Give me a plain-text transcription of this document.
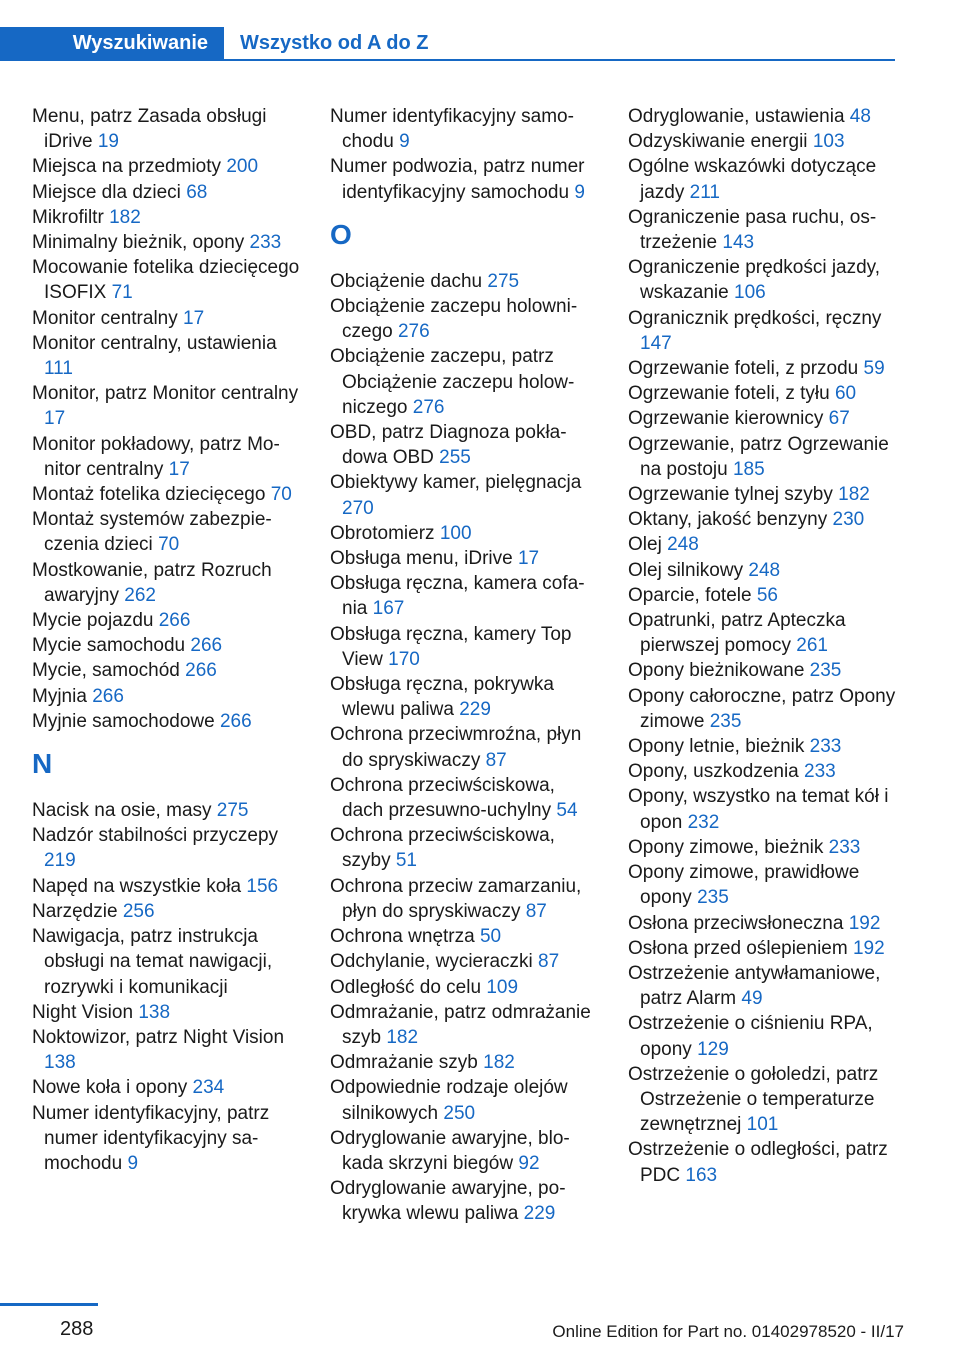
Wyszukiwanie	Wszystko od A do Z
Menu, patrz Zasada obsługi iDrive 19
Miejsca na przedmioty 200
Miejsce dla dzieci 68
Mikrofiltr 182
Minimalny bieżnik, opony 233
Mocowanie fotelika dziecięcego ISOFIX 71
Monitor centralny 17
Monitor centralny, ustawienia 111
Monitor, patrz Monitor centralny 17
Monitor pokładowy, patrz Monitor centralny 17
Montaż fotelika dziecięcego 70
Montaż systemów zabezpieczenia dzieci 70
Mostkowanie, patrz Rozruch awaryjny 262
Mycie pojazdu 266
Mycie samochodu 266
Mycie, samochód 266
Myjnia 266
Myjnie samochodowe 266
N
Nacisk na osie, masy 275
Nadzór stabilności przyczepy 219
Napęd na wszystkie koła 156
Narzędzie 256
Nawigacja, patrz instrukcja obsługi na temat nawigacji, rozrywki i komunikacji
Night Vision 138
Noktowizor, patrz Night Vision 138
Nowe koła i opony 234
Numer identyfikacyjny, patrz numer identyfikacyjny samochodu 9
Numer identyfikacyjny samochodu 9
Numer podwozia, patrz numer identyfikacyjny samochodu 9
O
Obciążenie dachu 275
Obciążenie zaczepu holowniczego 276
Obciążenie zaczepu, patrz Obciążenie zaczepu holowniczego 276
OBD, patrz Diagnoza pokładowa OBD 255
Obiektywy kamer, pielęgnacja 270
Obrotomierz 100
Obsługa menu, iDrive 17
Obsługa ręczna, kamera cofania 167
Obsługa ręczna, kamery Top View 170
Obsługa ręczna, pokrywka wlewu paliwa 229
Ochrona przeciwmroźna, płyn do spryskiwaczy 87
Ochrona przeciwściskowa, dach przesuwno-uchylny 54
Ochrona przeciwściskowa, szyby 51
Ochrona przeciw zamarzaniu, płyn do spryskiwaczy 87
Ochrona wnętrza 50
Odchylanie, wycieraczki 87
Odległość do celu 109
Odmrażanie, patrz odmrażanie szyb 182
Odmrażanie szyb 182
Odpowiednie rodzaje olejów silnikowych 250
Odryglowanie awaryjne, blokada skrzyni biegów 92
Odryglowanie awaryjne, pokrywka wlewu paliwa 229
Odryglowanie, ustawienia 48
Odzyskiwanie energii 103
Ogólne wskazówki dotyczące jazdy 211
Ograniczenie pasa ruchu, ostrzeżenie 143
Ograniczenie prędkości jazdy, wskazanie 106
Ogranicznik prędkości, ręczny 147
Ogrzewanie foteli, z przodu 59
Ogrzewanie foteli, z tyłu 60
Ogrzewanie kierownicy 67
Ogrzewanie, patrz Ogrzewanie na postoju 185
Ogrzewanie tylnej szyby 182
Oktany, jakość benzyny 230
Olej 248
Olej silnikowy 248
Oparcie, fotele 56
Opatrunki, patrz Apteczka pierwszej pomocy 261
Opony bieżnikowane 235
Opony całoroczne, patrz Opony zimowe 235
Opony letnie, bieżnik 233
Opony, uszkodzenia 233
Opony, wszystko na temat kół i opon 232
Opony zimowe, bieżnik 233
Opony zimowe, prawidłowe opony 235
Osłona przeciwsłoneczna 192
Osłona przed oślepieniem 192
Ostrzeżenie antywłamaniowe, patrz Alarm 49
Ostrzeżenie o ciśnieniu RPA, opony 129
Ostrzeżenie o gołoledzi, patrz Ostrzeżenie o temperaturze zewnętrznej 101
Ostrzeżenie o odległości, patrz PDC 163
288	Online Edition for Part no. 01402978520 - II/17
